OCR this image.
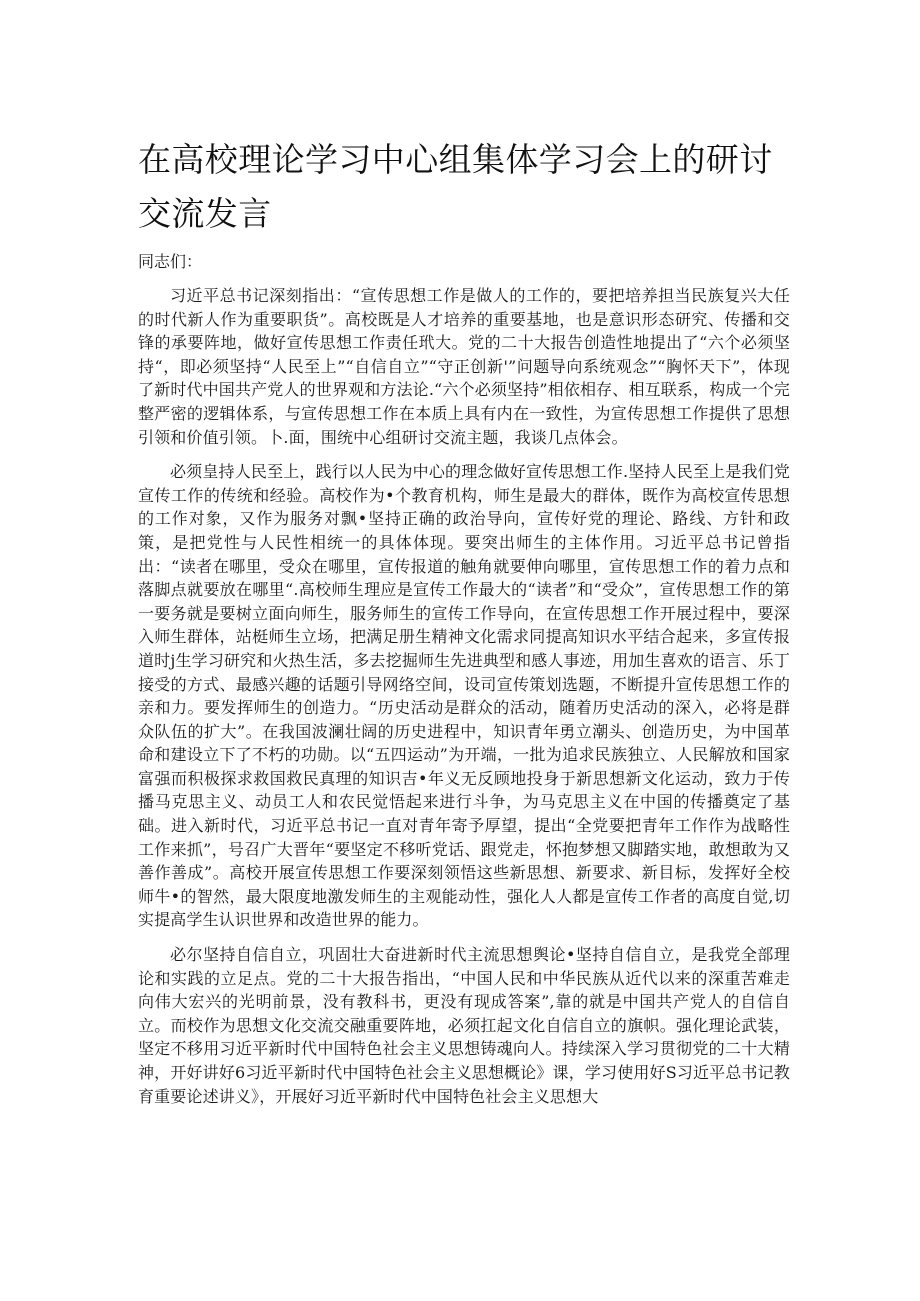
在高校理论学习中心组集体学习会上的研讨交流发言

同志们：

习近平总书记深刻指出：“宣传思想工作是做人的工作的，要把培养担当民族复兴大任的时代新人作为重要职货”。高校既是人才培养的重要基地，也是意识形态研究、传播和交锋的承要阵地，做好宣传思想工作责任玳大。党的二十大报告创造性地提出了“六个必须坚持“，即必须坚持“人民至上”“自信自立”“守正创新'”问题导向系统观念”“胸怀天下”，体现了新时代中国共产党人的世界观和方法论.“六个必须坚持”相依相存、相互联系，构成一个完整严密的逻辑体系，与宣传思想工作在本质上具有内在一致性，为宣传思想工作提供了思想引领和价值引领。卜.面，围统中心组研讨交流主题，我谈几点体会。

必须皇持人民至上，践行以人民为中心的理念做好宣传思想工作.坚持人民至上是我们党宣传工作的传统和经验。高校作为•个教育机构，师生是最大的群体，既作为高校宣传思想的工作对象，又作为服务对飘•坚持正确的政治导向，宣传好党的理论、路线、方针和政策，是把党性与人民性相统一的具体体现。要突出师生的主体作用。习近平总书记曾指出：“读者在哪里，受众在哪里，宣传报道的触角就要伸向哪里，宣传思想工作的着力点和落脚点就要放在哪里“.高校师生理应是宣传工作最大的“读者”和“受众”，宣传思想工作的第一要务就是要树立面向师生，服务师生的宣传工作导向，在宣传思想工作开展过程中，要深入师生群体，站梃师生立场，把满足册生精神文化需求同提高知识水平结合起来，多宣传报道时j生学习研究和火热生活，多去挖掘师生先进典型和感人事迹，用加生喜欢的语言、乐丁接受的方式、最感兴趣的话题引导网络空间，设司宣传策划选题，不断提升宣传思想工作的亲和力。要发挥师生的创造力。“历史活动是群众的活动，随着历史活动的深入，必将是群众队伍的扩大”。在我国波澜壮阔的历史进程中，知识青年勇立潮头、创造历史，为中国革命和建设立下了不朽的功勋。以“五四运动”为开端，一批为追求民族独立、人民解放和国家富强而积极探求救国救民真理的知识吉•年义无反顾地投身于新思想新文化运动，致力于传播马克思主义、动员工人和农民觉悟起来进行斗争，为马克思主义在中国的传播奠定了基础。进入新时代，习近平总书记一直对青年寄予厚望，提出“全党要把青年工作作为战略性工作来抓”，号召广大晋年“要坚定不移听党话、跟党走，怀抱梦想又脚踏实地，敢想敢为又善作善成”。高校开展宣传思想工作要深刻领悟这些新思想、新要求、新目标，发挥好全校师牛•的智然，最大限度地激发师生的主观能动性，强化人人都是宣传工作者的高度自觉,切实提高学生认识世界和改造世界的能力。

必尔坚持自信自立，巩固壮大奋进新时代主流思想舆论•坚持自信自立，是我党全部理论和实践的立足点。党的二十大报告指出，“中国人民和中华民族从近代以来的深重苦难走向伟大宏兴的光明前景，没有教科书，更没有现成答案”,靠的就是中国共产党人的自信自立。而校作为思想文化交流交融重要阵地，必须扛起文化自信自立的旗帜。强化理论武装，坚定不移用习近平新时代中国特色社会主义思想铸魂向人。持续深入学习贯彻党的二十大精神，开好讲好6习近平新时代中国特色社会主义思想概论》课，学习使用好S习近平总书记教育重要论述讲义》，开展好习近平新时代中国特色社会主义思想大
